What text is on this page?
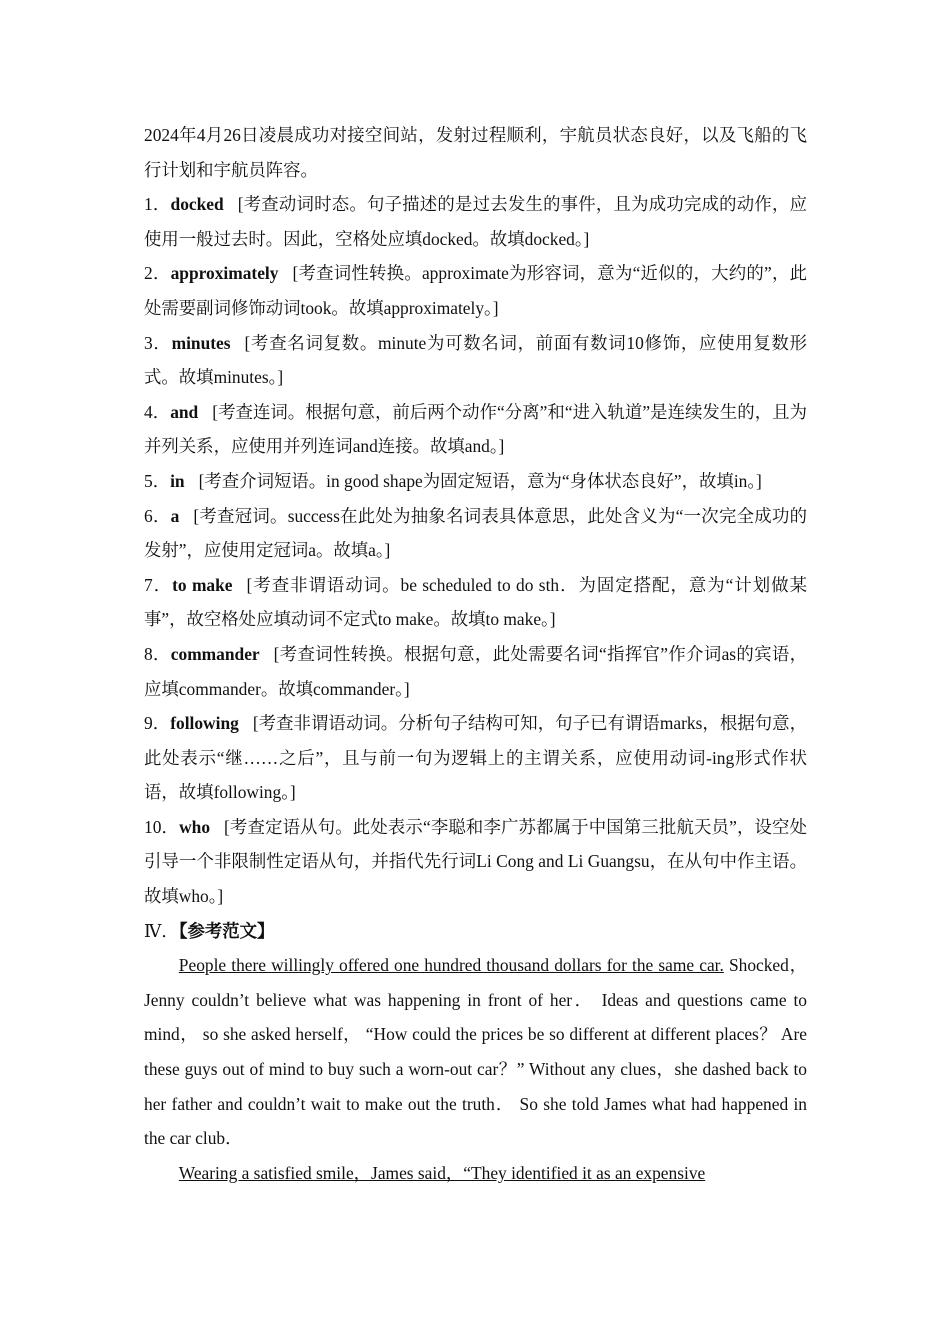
2024年4月26日凌晨成功对接空间站，发射过程顺利，宇航员状态良好，以及飞船的飞行计划和宇航员阵容。

1．docked [考查动词时态。句子描述的是过去发生的事件，且为成功完成的动作，应使用一般过去时。因此，空格处应填docked。故填docked。]

2．approximately [考查词性转换。approximate为形容词，意为“近似的，大约的”，此处需要副词修饰动词took。故填approximately。]

3．minutes [考查名词复数。minute为可数名词，前面有数词10修饰，应使用复数形式。故填minutes。]

4．and [考查连词。根据句意，前后两个动作“分离”和“进入轨道”是连续发生的，且为并列关系，应使用并列连词and连接。故填and。]

5．in [考查介词短语。in good shape为固定短语，意为“身体状态良好”，故填in。]

6．a [考查冠词。success在此处为抽象名词表具体意思，此处含义为“一次完全成功的发射”，应使用定冠词a。故填a。]

7．to make [考查非谓语动词。be scheduled to do sth．为固定搭配，意为“计划做某事”，故空格处应填动词不定式to make。故填to make。]

8．commander [考查词性转换。根据句意，此处需要名词“指挥官”作介词as的宾语，应填commander。故填commander。]

9．following [考查非谓语动词。分析句子结构可知，句子已有谓语marks，根据句意，此处表示“继……之后”，且与前一句为逻辑上的主谓关系，应使用动词-ing形式作状语，故填following。]

10．who [考查定语从句。此处表示“李聪和李广苏都属于中国第三批航天员”，设空处引导一个非限制性定语从句，并指代先行词Li Cong and Li Guangsu，在从句中作主语。故填who。]

Ⅳ．【参考范文】

People there willingly offered one hundred thousand dollars for the same car. Shocked，Jenny couldn’t believe what was happening in front of her． Ideas and questions came to mind， so she asked herself， “How could the prices be so different at different places？ Are these guys out of mind to buy such a worn-out car？” Without any clues，she dashed back to her father and couldn’t wait to make out the truth． So she told James what had happened in the car club．

Wearing a satisfied smile，James said，“They identified it as an expensive
